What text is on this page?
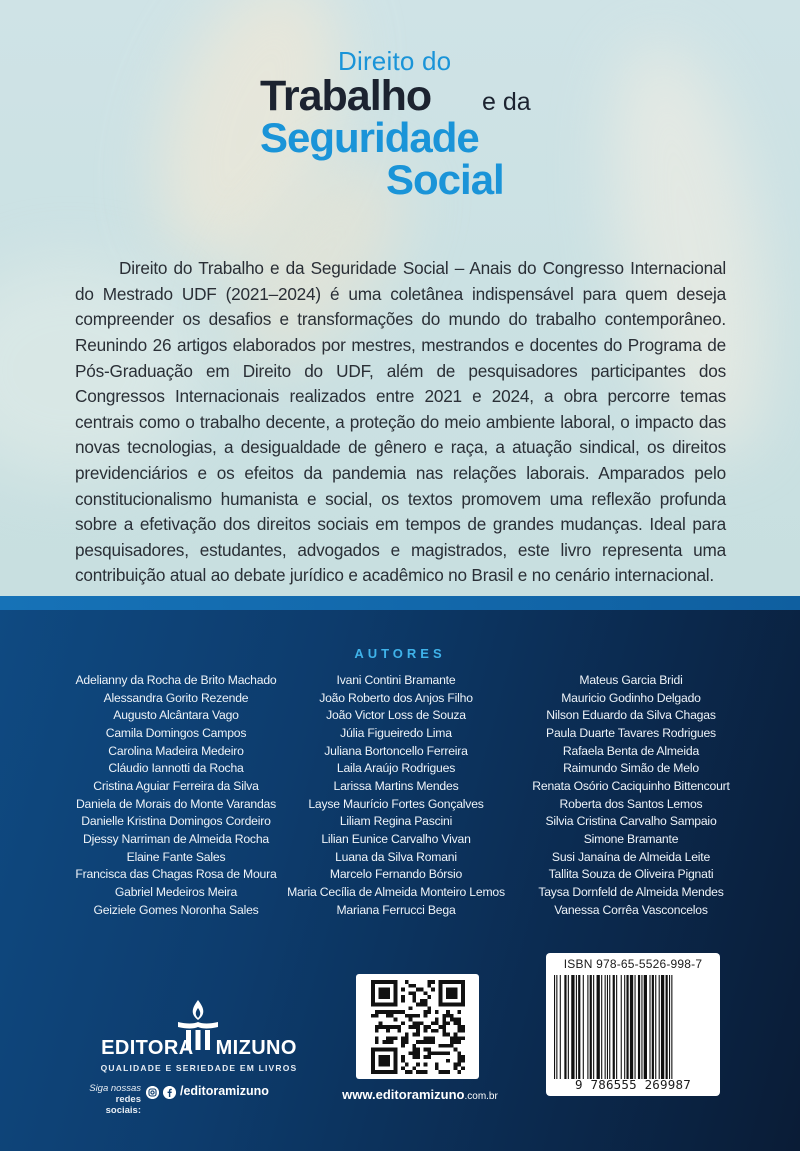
Direito do
Trabalho e da
Seguridade
Social

Direito do Trabalho e da Seguridade Social – Anais do Congresso Internacional do Mestrado UDF (2021–2024) é uma coletânea indispensável para quem deseja compreender os desafios e transformações do mundo do trabalho contemporâneo. Reunindo 26 artigos elaborados por mestres, mestrandos e docentes do Programa de Pós-Graduação em Direito do UDF, além de pesquisadores participantes dos Congressos Internacionais realizados entre 2021 e 2024, a obra percorre temas centrais como o trabalho decente, a proteção do meio ambiente laboral, o impacto das novas tecnologias, a desigualdade de gênero e raça, a atuação sindical, os direitos previdenciários e os efeitos da pandemia nas relações laborais. Amparados pelo constitucionalismo humanista e social, os textos promovem uma reflexão profunda sobre a efetivação dos direitos sociais em tempos de grandes mudanças. Ideal para pesquisadores, estudantes, advogados e magistrados, este livro representa uma contribuição atual ao debate jurídico e acadêmico no Brasil e no cenário internacional.

AUTORES
Adelianny da Rocha de Brito Machado
Alessandra Gorito Rezende
Augusto Alcântara Vago
Camila Domingos Campos
Carolina Madeira Medeiro
Cláudio Iannotti da Rocha
Cristina Aguiar Ferreira da Silva
Daniela de Morais do Monte Varandas
Danielle Kristina Domingos Cordeiro
Djessy Narriman de Almeida Rocha
Elaine Fante Sales
Francisca das Chagas Rosa de Moura
Gabriel Medeiros Meira
Geiziele Gomes Noronha Sales
Ivani Contini Bramante
João Roberto dos Anjos Filho
João Victor Loss de Souza
Júlia Figueiredo Lima
Juliana Bortoncello Ferreira
Laila Araújo Rodrigues
Larissa Martins Mendes
Layse Maurício Fortes Gonçalves
Liliam Regina Pascini
Lilian Eunice Carvalho Vivan
Luana da Silva Romani
Marcelo Fernando Bórsio
Maria Cecília de Almeida Monteiro Lemos
Mariana Ferrucci Bega
Mateus Garcia Bridi
Mauricio Godinho Delgado
Nilson Eduardo da Silva Chagas
Paula Duarte Tavares Rodrigues
Rafaela Benta de Almeida
Raimundo Simão de Melo
Renata Osório Caciquinho Bittencourt
Roberta dos Santos Lemos
Silvia Cristina Carvalho Sampaio
Simone Bramante
Susi Janaína de Almeida Leite
Tallita Souza de Oliveira Pignati
Taysa Dornfeld de Almeida Mendes
Vanessa Corrêa Vasconcelos
EDITORA MIZUNO
QUALIDADE E SERIEDADE EM LIVROS
Siga nossas
redes sociais:
/editoramizuno	www.editoramizuno.com.br
ISBN 978-65-5526-998-7
9 786555 269987
